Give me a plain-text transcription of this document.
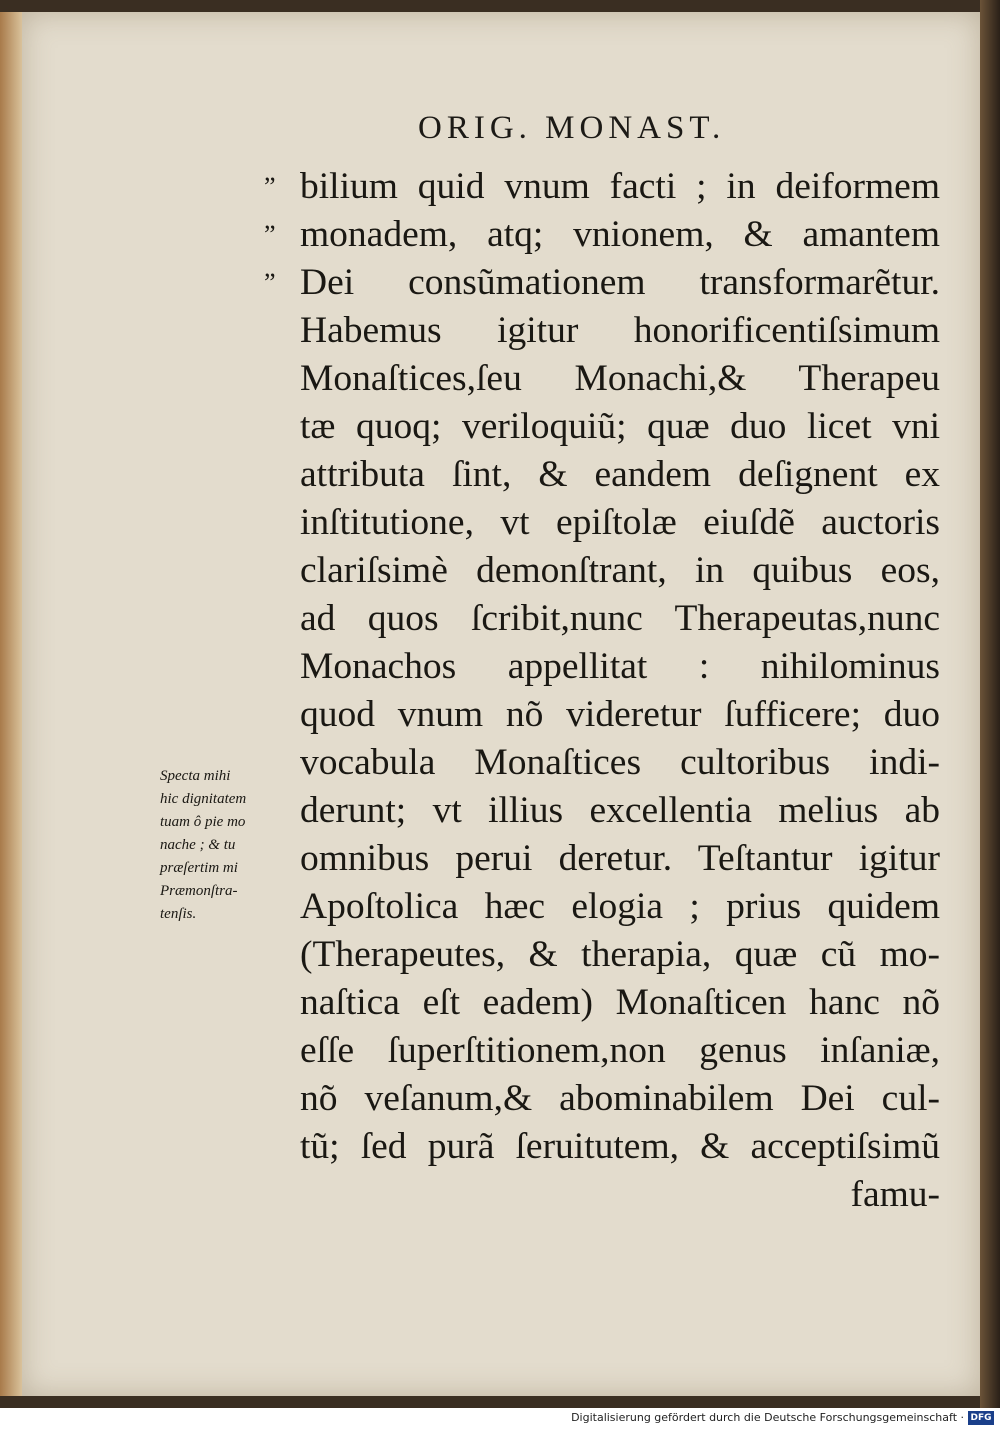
ORIG. MONAST.
”
”
”
bilium quid vnum facti ; in deiformem
monadem, atq; vnionem, & amantem
Dei consũmationem transformarẽtur.
Habemus igitur honorificentiſsimum
Monaſtices,ſeu Monachi,& Therapeu
tæ quoq; veriloquiũ; quæ duo licet vni
attributa ſint, & eandem deſignent ex
inſtitutione, vt epiſtolæ eiuſdẽ auctoris
clariſsimè demonſtrant, in quibus eos,
ad quos ſcribit,nunc Therapeutas,nunc
Monachos appellitat : nihilominus
quod vnum nõ videretur ſufficere; duo
vocabula Monaſtices cultoribus indi-
derunt; vt illius excellentia melius ab
omnibus perui deretur. Teſtantur igitur
Apoſtolica hæc elogia ; prius quidem
(Therapeutes, & therapia, quæ cũ mo-
naſtica eſt eadem) Monaſticen hanc nõ
eſſe ſuperſtitionem,non genus inſaniæ,
nõ veſanum,& abominabilem Dei cul-
tũ; ſed purã ſeruitutem, & acceptiſsimũ
famu-
Specta mihi
hic dignitatem
tuam ô pie mo
nache ; & tu
præſertim mi
Præmonſtra-
tenſis.
Digitalisierung gefördert durch die Deutsche Forschungsgemeinschaft · DFG
